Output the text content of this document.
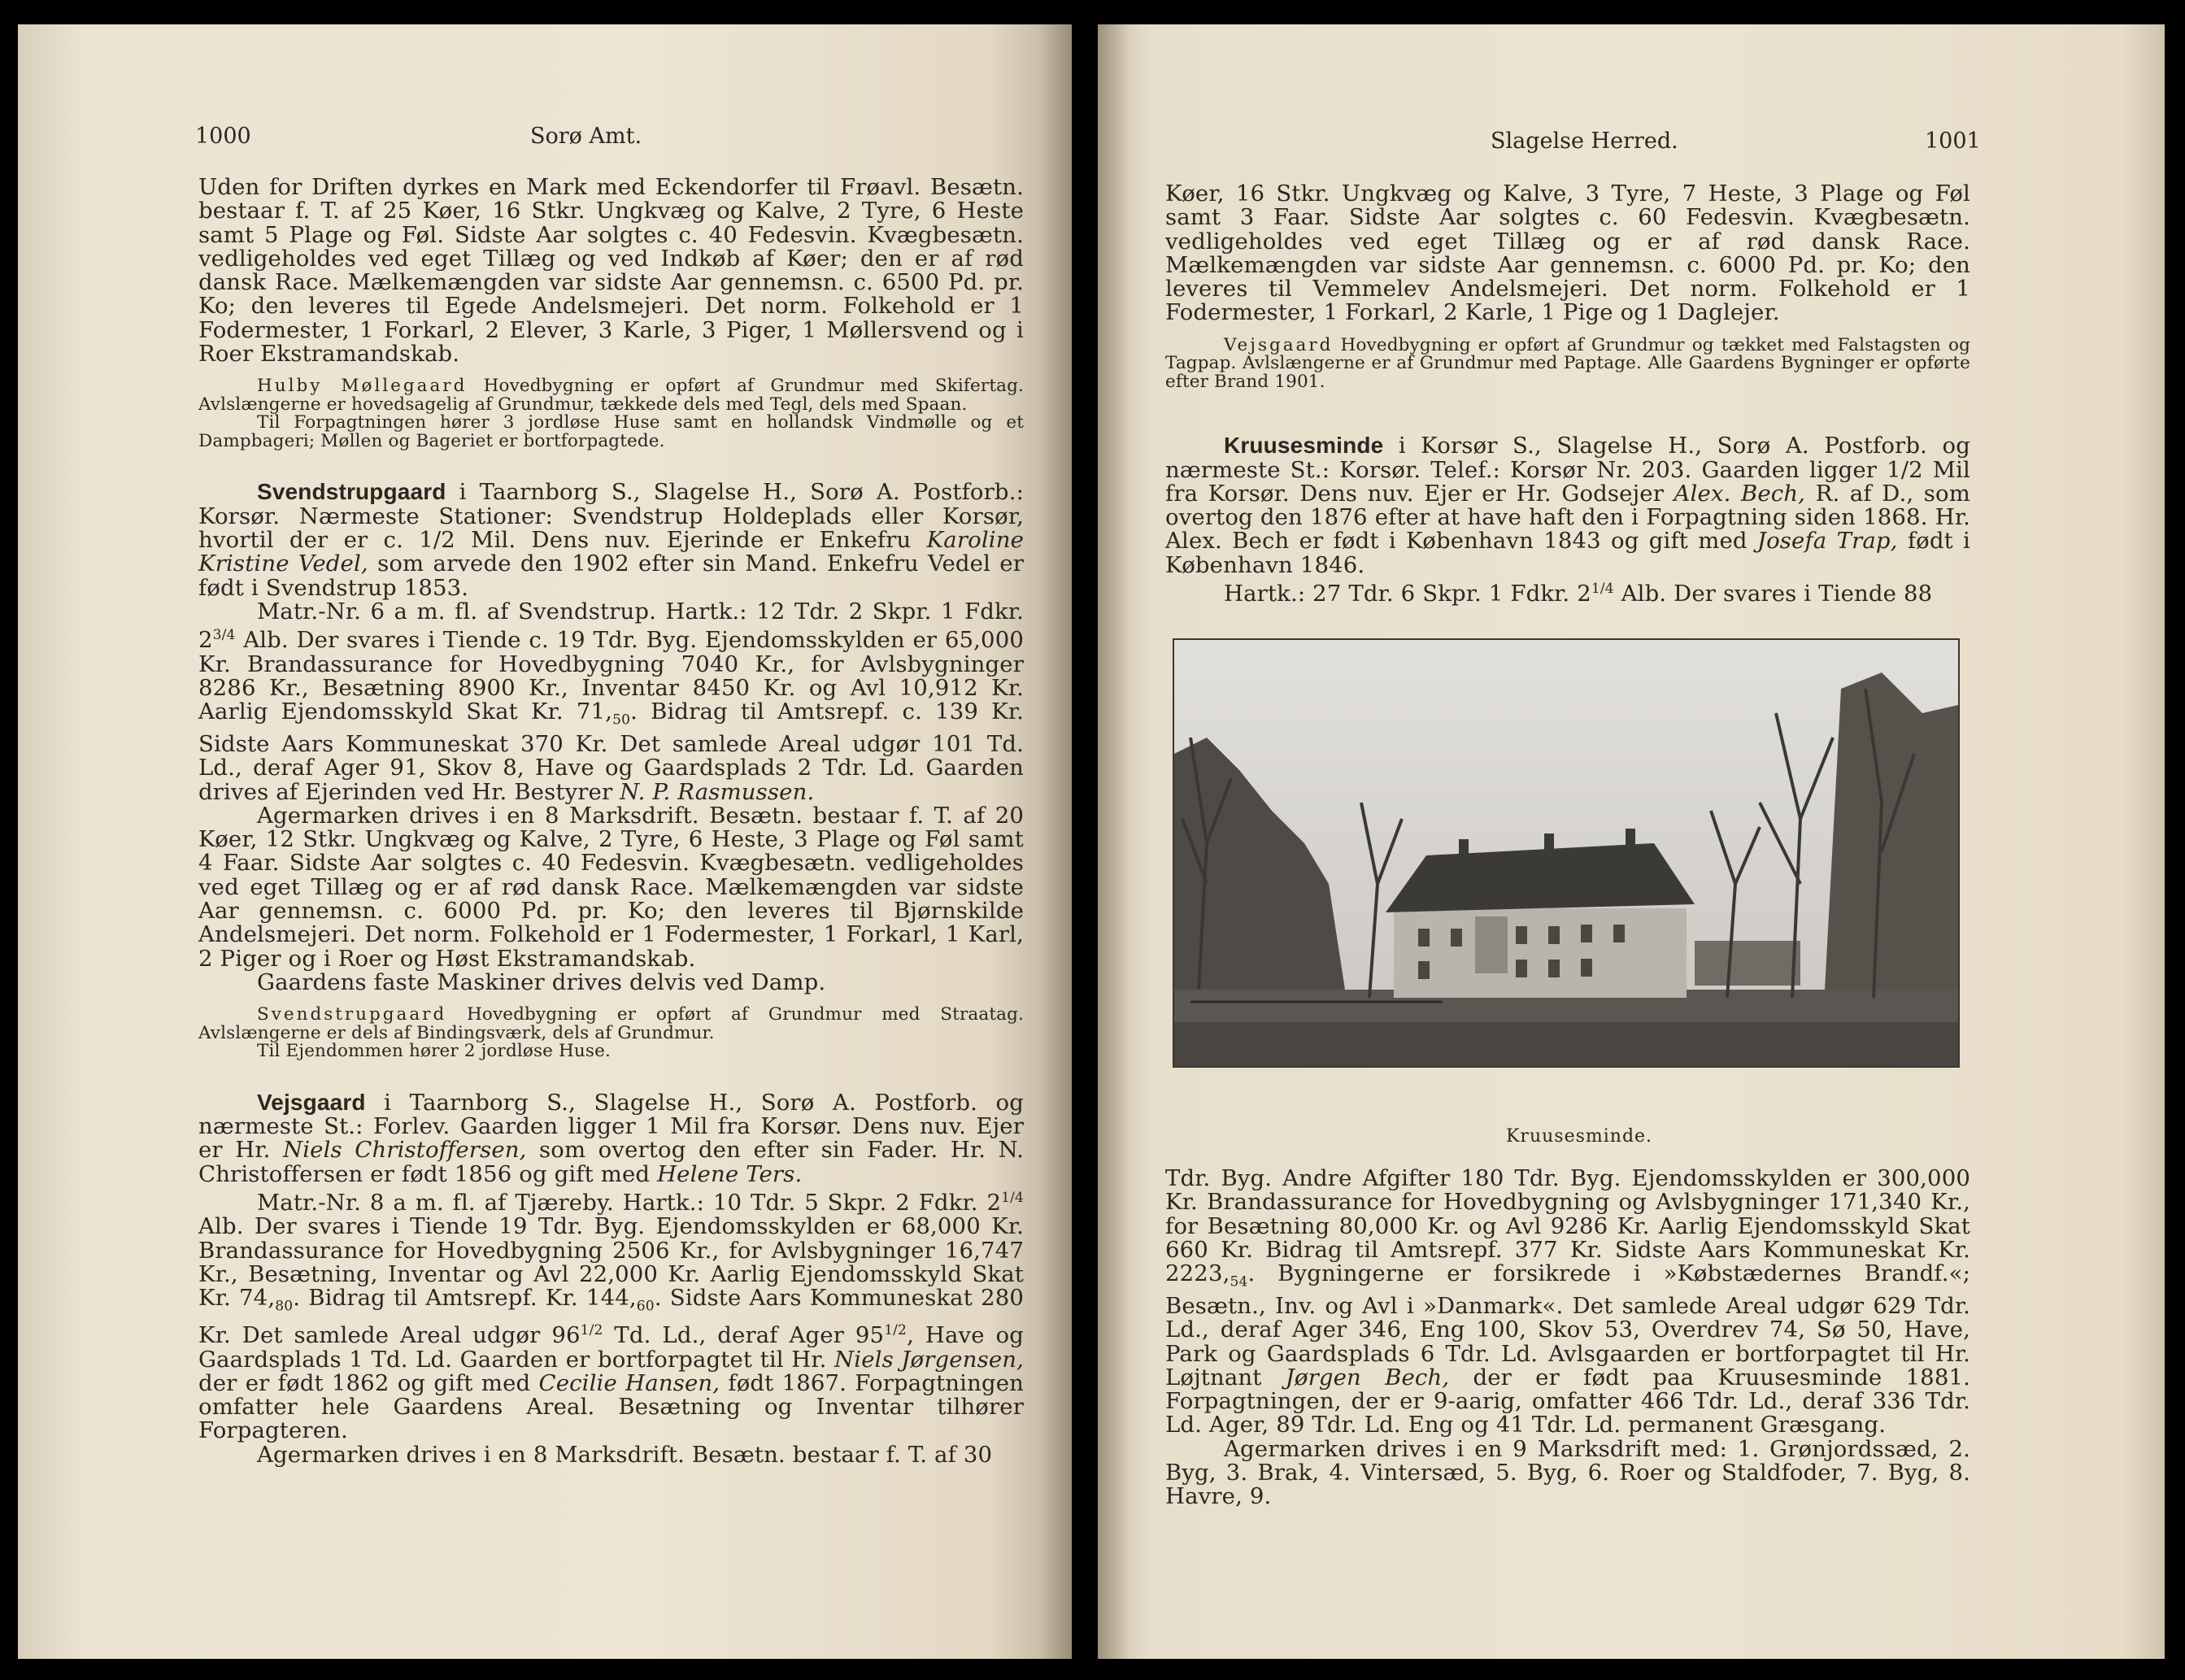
1000	Sorø Amt.

Uden for Driften dyrkes en Mark med Eckendorfer til Frøavl. Besætn. bestaar f. T. af 25 Køer, 16 Stkr. Ungkvæg og Kalve, 2 Tyre, 6 Heste samt 5 Plage og Føl. Sidste Aar solgtes c. 40 Fedesvin. Kvægbesætn. vedligeholdes ved eget Tillæg og ved Indkøb af Køer; den er af rød dansk Race. Mælkemængden var sidste Aar gennemsn. c. 6500 Pd. pr. Ko; den leveres til Egede Andelsmejeri. Det norm. Folkehold er 1 Fodermester, 1 Forkarl, 2 Elever, 3 Karle, 3 Piger, 1 Møllersvend og i Roer Ekstramandskab.

Hulby Møllegaard Hovedbygning er opført af Grundmur med Skifertag. Avlslængerne er hovedsagelig af Grundmur, tækkede dels med Tegl, dels med Spaan.

Til Forpagtningen hører 3 jordløse Huse samt en hollandsk Vindmølle og et Dampbageri; Møllen og Bageriet er bortforpagtede.

Svendstrupgaard i Taarnborg S., Slagelse H., Sorø A. Postforb.: Korsør. Nærmeste Stationer: Svendstrup Holdeplads eller Korsør, hvortil der er c. 1/2 Mil. Dens nuv. Ejerinde er Enkefru Karoline Kristine Vedel, som arvede den 1902 efter sin Mand. Enkefru Vedel er født i Svendstrup 1853.

Matr.-Nr. 6 a m. fl. af Svendstrup. Hartk.: 12 Tdr. 2 Skpr. 1 Fdkr. $2^{3/4}$ Alb. Der svares i Tiende c. 19 Tdr. Byg. Ejendomsskylden er 65,000 Kr. Brandassurance for Hovedbygning 7040 Kr., for Avlsbygninger 8286 Kr., Besætning 8900 Kr., Inventar 8450 Kr. og Avl 10,912 Kr. Aarlig Ejendomsskyld Skat Kr. $71,_{50}$. Bidrag til Amtsrepf. c. 139 Kr. Sidste Aars Kommuneskat 370 Kr. Det samlede Areal udgør 101 Td. Ld., deraf Ager 91, Skov 8, Have og Gaardsplads 2 Tdr. Ld. Gaarden drives af Ejerinden ved Hr. Bestyrer N. P. Rasmussen.

Agermarken drives i en 8 Marksdrift. Besætn. bestaar f. T. af 20 Køer, 12 Stkr. Ungkvæg og Kalve, 2 Tyre, 6 Heste, 3 Plage og Føl samt 4 Faar. Sidste Aar solgtes c. 40 Fedesvin. Kvægbesætn. vedligeholdes ved eget Tillæg og er af rød dansk Race. Mælkemængden var sidste Aar gennemsn. c. 6000 Pd. pr. Ko; den leveres til Bjørnskilde Andelsmejeri. Det norm. Folkehold er 1 Fodermester, 1 Forkarl, 1 Karl, 2 Piger og i Roer og Høst Ekstramandskab.

Gaardens faste Maskiner drives delvis ved Damp.

Svendstrupgaard Hovedbygning er opført af Grundmur med Straatag. Avlslængerne er dels af Bindingsværk, dels af Grundmur.

Til Ejendommen hører 2 jordløse Huse.

Vejsgaard i Taarnborg S., Slagelse H., Sorø A. Postforb. og nærmeste St.: Forlev. Gaarden ligger 1 Mil fra Korsør. Dens nuv. Ejer er Hr. Niels Christoffersen, som overtog den efter sin Fader. Hr. N. Christoffersen er født 1856 og gift med Helene Ters.

Matr.-Nr. 8 a m. fl. af Tjæreby. Hartk.: 10 Tdr. 5 Skpr. 2 Fdkr. $2^{1/4}$ Alb. Der svares i Tiende 19 Tdr. Byg. Ejendomsskylden er 68,000 Kr. Brandassurance for Hovedbygning 2506 Kr., for Avlsbygninger 16,747 Kr., Besætning, Inventar og Avl 22,000 Kr. Aarlig Ejendomsskyld Skat Kr. $74,_{80}$. Bidrag til Amtsrepf. Kr. $144,_{60}$. Sidste Aars Kommuneskat 280 Kr. Det samlede Areal udgør $96^{1/2}$ Td. Ld., deraf Ager $95^{1/2}$, Have og Gaardsplads 1 Td. Ld. Gaarden er bortforpagtet til Hr. Niels Jørgensen, der er født 1862 og gift med Cecilie Hansen, født 1867. Forpagtningen omfatter hele Gaardens Areal. Besætning og Inventar tilhører Forpagteren.

Agermarken drives i en 8 Marksdrift. Besætn. bestaar f. T. af 30

Slagelse Herred.	1001

Køer, 16 Stkr. Ungkvæg og Kalve, 3 Tyre, 7 Heste, 3 Plage og Føl samt 3 Faar. Sidste Aar solgtes c. 60 Fedesvin. Kvægbesætn. vedligeholdes ved eget Tillæg og er af rød dansk Race. Mælkemængden var sidste Aar gennemsn. c. 6000 Pd. pr. Ko; den leveres til Vemmelev Andelsmejeri. Det norm. Folkehold er 1 Fodermester, 1 Forkarl, 2 Karle, 1 Pige og 1 Daglejer.

Vejsgaard Hovedbygning er opført af Grundmur og tækket med Falstagsten og Tagpap. Avlslængerne er af Grundmur med Paptage. Alle Gaardens Bygninger er opførte efter Brand 1901.

Kruusesminde i Korsør S., Slagelse H., Sorø A. Postforb. og nærmeste St.: Korsør. Telef.: Korsør Nr. 203. Gaarden ligger 1/2 Mil fra Korsør. Dens nuv. Ejer er Hr. Godsejer Alex. Bech, R. af D., som overtog den 1876 efter at have haft den i Forpagtning siden 1868. Hr. Alex. Bech er født i København 1843 og gift med Josefa Trap, født i København 1846.

Hartk.: 27 Tdr. 6 Skpr. 1 Fdkr. $2^{1/4}$ Alb. Der svares i Tiende 88

Kruusesminde.

Tdr. Byg. Andre Afgifter 180 Tdr. Byg. Ejendomsskylden er 300,000 Kr. Brandassurance for Hovedbygning og Avlsbygninger 171,340 Kr., for Besætning 80,000 Kr. og Avl 9286 Kr. Aarlig Ejendomsskyld Skat 660 Kr. Bidrag til Amtsrepf. 377 Kr. Sidste Aars Kommuneskat Kr. $2223,_{54}$. Bygningerne er forsikrede i »Købstædernes Brandf.«; Besætn., Inv. og Avl i »Danmark«. Det samlede Areal udgør 629 Tdr. Ld., deraf Ager 346, Eng 100, Skov 53, Overdrev 74, Sø 50, Have, Park og Gaardsplads 6 Tdr. Ld. Avlsgaarden er bortforpagtet til Hr. Løjtnant Jørgen Bech, der er født paa Kruusesminde 1881. Forpagtningen, der er 9-aarig, omfatter 466 Tdr. Ld., deraf 336 Tdr. Ld. Ager, 89 Tdr. Ld. Eng og 41 Tdr. Ld. permanent Græsgang.

Agermarken drives i en 9 Marksdrift med: 1. Grønjordssæd, 2. Byg, 3. Brak, 4. Vintersæd, 5. Byg, 6. Roer og Staldfoder, 7. Byg, 8. Havre, 9.
